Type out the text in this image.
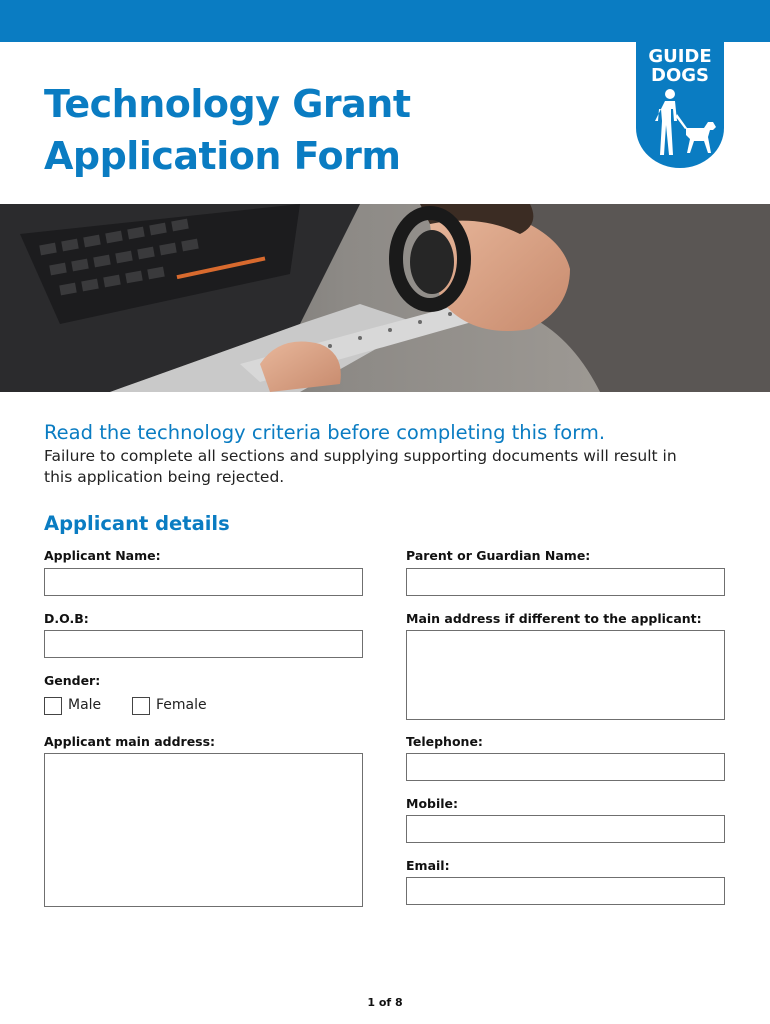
GUIDE
DOGS
Technology Grant
Application Form
Read the technology criteria before completing this form.

Failure to complete all sections and supplying supporting documents will result in this application being rejected.

Applicant details
Applicant Name:
D.O.B:
Gender:
Male	Female
Applicant main address:
Parent or Guardian Name:
Main address if different to the applicant:
Telephone:
Mobile:
Email:
1 of 8
